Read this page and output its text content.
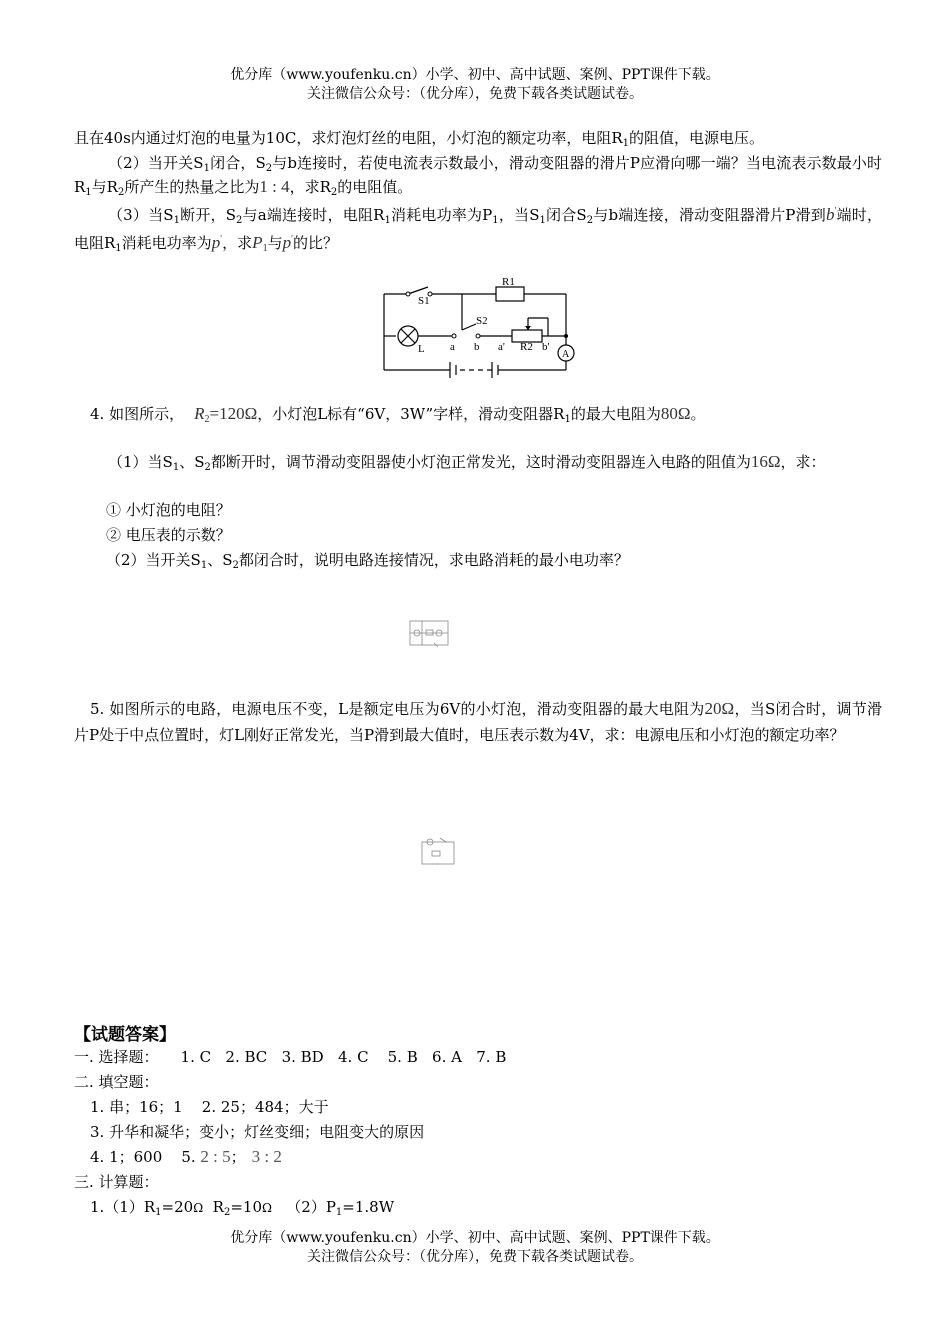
优分库（www.youfenku.cn）小学、初中、高中试题、案例、PPT课件下载。
关注微信公众号：（优分库），免费下载各类试题试卷。
且在40s内通过灯泡的电量为10C，求灯泡灯丝的电阻，小灯泡的额定功率，电阻$R_1$的阻值，电源电压。
（2）当开关$S_1$闭合，$S_2$与b连接时，若使电流表示数最小，滑动变阻器的滑片P应滑向哪一端？当电流表示数最小时$R_1$与$R_2$所产生的热量之比为1 : 4，求$R_2$的电阻值。
（3）当$S_1$断开，$S_2$与a端连接时，电阻$R_1$消耗电功率为$P_1$，当$S_1$闭合$S_2$与b端连接，滑动变阻器滑片P滑到b′端时，电阻$R_1$消耗电功率为p′，求$P_1$与p′的比？
S1
R1
S2
L a b a' R2 b'
A
4. 如图所示， $R_2=120\Omega$，小灯泡L标有“6V，3W”字样，滑动变阻器$R_1$的最大电阻为80Ω。
（1）当$S_1$、$S_2$都断开时，调节滑动变阻器使小灯泡正常发光，这时滑动变阻器连入电路的阻值为16Ω，求：
① 小灯泡的电阻？
② 电压表的示数？
（2）当开关$S_1$、$S_2$都闭合时，说明电路连接情况，求电路消耗的最小电功率？
5. 如图所示的电路，电源电压不变，L是额定电压为6V的小灯泡，滑动变阻器的最大电阻为20Ω，当S闭合时，调节滑片P处于中点位置时，灯L刚好正常发光，当P滑到最大值时，电压表示数为4V，求：电源电压和小灯泡的额定功率？
【试题答案】
一. 选择题： 1. C   2. BC   3. BD   4. C    5. B   6. A   7. B
二. 填空题：
1. 串；16；1    2. 25；484；大于
3. 升华和凝华；变小；灯丝变细；电阻变大的原因
4. 1；600    5. 2 : 5； 3 : 2
三. 计算题：
$1.(1)R_1=20\Omega$  $R_2=10\Omega$   $(2)P_1=1.8W$
优分库（www.youfenku.cn）小学、初中、高中试题、案例、PPT课件下载。
关注微信公众号：（优分库），免费下载各类试题试卷。
